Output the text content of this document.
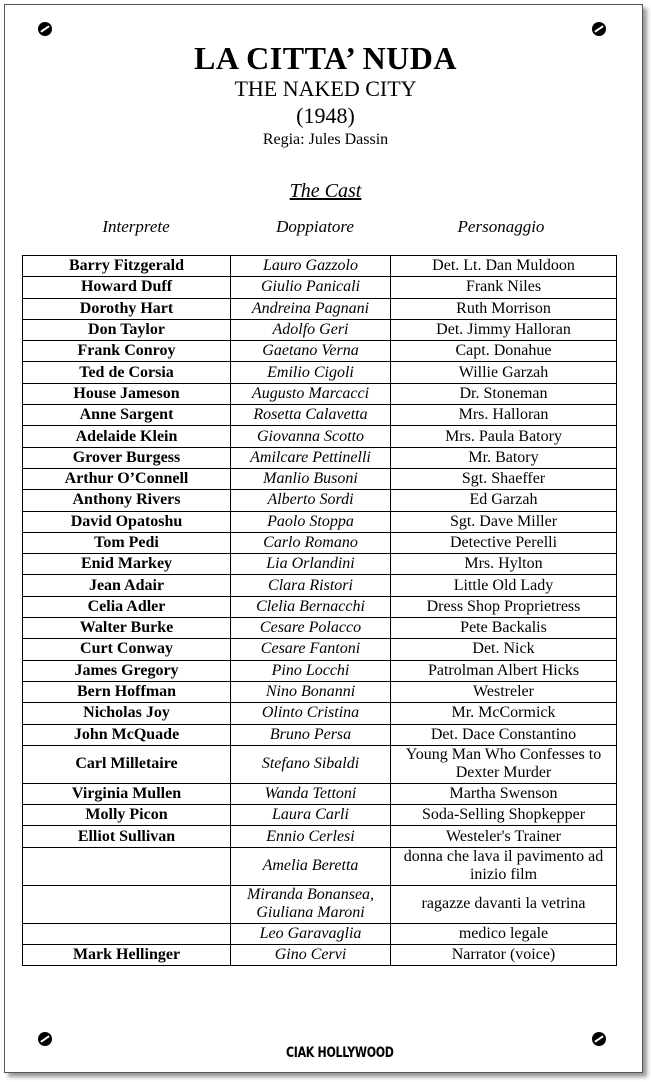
LA CITTA’ NUDA
THE NAKED CITY
(1948)
Regia: Jules Dassin
The Cast
Interprete	Doppiatore	Personaggio
Barry Fitzgerald	Lauro Gazzolo	Det. Lt. Dan Muldoon
Howard Duff	Giulio Panicali	Frank Niles
Dorothy Hart	Andreina Pagnani	Ruth Morrison
Don Taylor	Adolfo Geri	Det. Jimmy Halloran
Frank Conroy	Gaetano Verna	Capt. Donahue
Ted de Corsia	Emilio Cigoli	Willie Garzah
House Jameson	Augusto Marcacci	Dr. Stoneman
Anne Sargent	Rosetta Calavetta	Mrs. Halloran
Adelaide Klein	Giovanna Scotto	Mrs. Paula Batory
Grover Burgess	Amilcare Pettinelli	Mr. Batory
Arthur O’Connell	Manlio Busoni	Sgt. Shaeffer
Anthony Rivers	Alberto Sordi	Ed Garzah
David Opatoshu	Paolo Stoppa	Sgt. Dave Miller
Tom Pedi	Carlo Romano	Detective Perelli
Enid Markey	Lia Orlandini	Mrs. Hylton
Jean Adair	Clara Ristori	Little Old Lady
Celia Adler	Clelia Bernacchi	Dress Shop Proprietress
Walter Burke	Cesare Polacco	Pete Backalis
Curt Conway	Cesare Fantoni	Det. Nick
James Gregory	Pino Locchi	Patrolman Albert Hicks
Bern Hoffman	Nino Bonanni	Westreler
Nicholas Joy	Olinto Cristina	Mr. McCormick
John McQuade	Bruno Persa	Det. Dace Constantino
Carl Milletaire	Stefano Sibaldi	Young Man Who Confesses to Dexter Murder
Virginia Mullen	Wanda Tettoni	Martha Swenson
Molly Picon	Laura Carli	Soda-Selling Shopkepper
Elliot Sullivan	Ennio Cerlesi	Westeler's Trainer
	Amelia Beretta	donna che lava il pavimento ad inizio film
	Miranda Bonansea, Giuliana Maroni	ragazze davanti la vetrina
	Leo Garavaglia	medico legale
Mark Hellinger	Gino Cervi	Narrator (voice)
CIAK HOLLYWOOD
